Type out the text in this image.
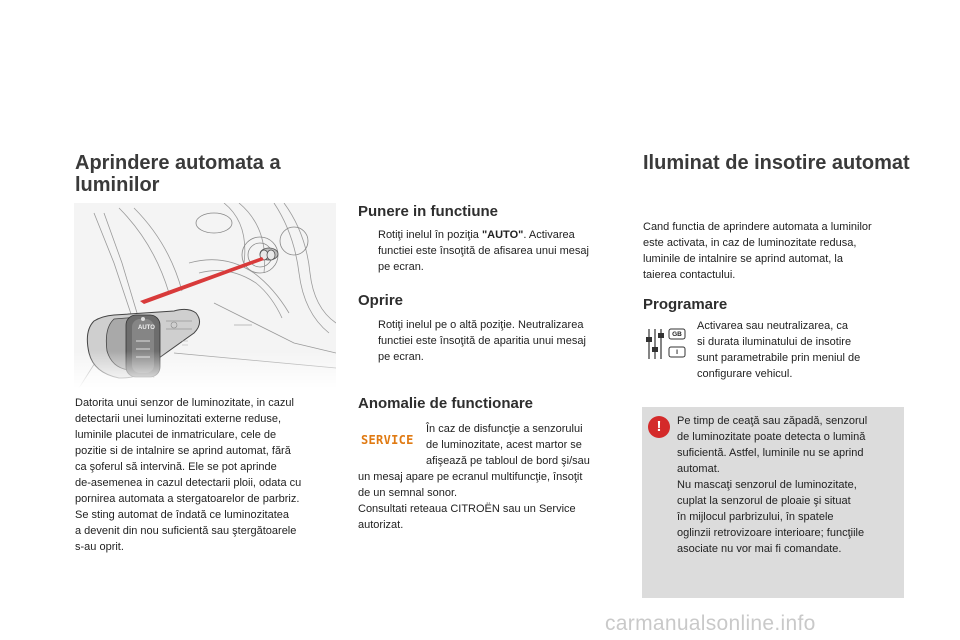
Aprindere automata a
luminilor
Datorita unui senzor de luminozitate, in cazul
detectarii unei luminozitati externe reduse,
luminile placutei de inmatriculare, cele de
pozitie si de intalnire se aprind automat, fără
ca şoferul să intervină. Ele se pot aprinde
de-asemenea in cazul detectarii ploii, odata cu
pornirea automata a stergatoarelor de parbriz.
Se sting automat de îndată ce luminozitatea
a devenit din nou suficientă sau ştergătoarele
s-au oprit.
Punere in functiune
Rotiţi inelul în poziţia "AUTO". Activarea
functiei este însoţită de afisarea unui mesaj
pe ecran.
Oprire
Rotiţi inelul pe o altă poziţie. Neutralizarea
functiei este însoţită de aparitia unui mesaj
pe ecran.
Anomalie de functionare
SERVICE
În caz de disfuncţie a senzorului
de luminozitate, acest martor se
afişează pe tabloul de bord şi/sau
un mesaj apare pe ecranul multifuncţie, însoţit
de un semnal sonor.
Consultati reteaua CITROËN sau un Service
autorizat.
Iluminat de insotire automat
Cand functia de aprindere automata a luminilor
este activata, in caz de luminozitate redusa,
luminile de intalnire se aprind automat, la
taierea contactului.
Programare
GB
I
Activarea sau neutralizarea, ca
si durata iluminatului de insotire
sunt parametrabile prin meniul de
configurare vehicul.
!	Pe timp de ceaţă sau zăpadă, senzorul
de luminozitate poate detecta o lumină
suficientă. Astfel, luminile nu se aprind
automat.
Nu mascaţi senzorul de luminozitate,
cuplat la senzorul de ploaie şi situat
în mijlocul parbrizului, în spatele
oglinzii retrovizoare interioare; funcţiile
asociate nu vor mai fi comandate.
carmanualsonline.info
